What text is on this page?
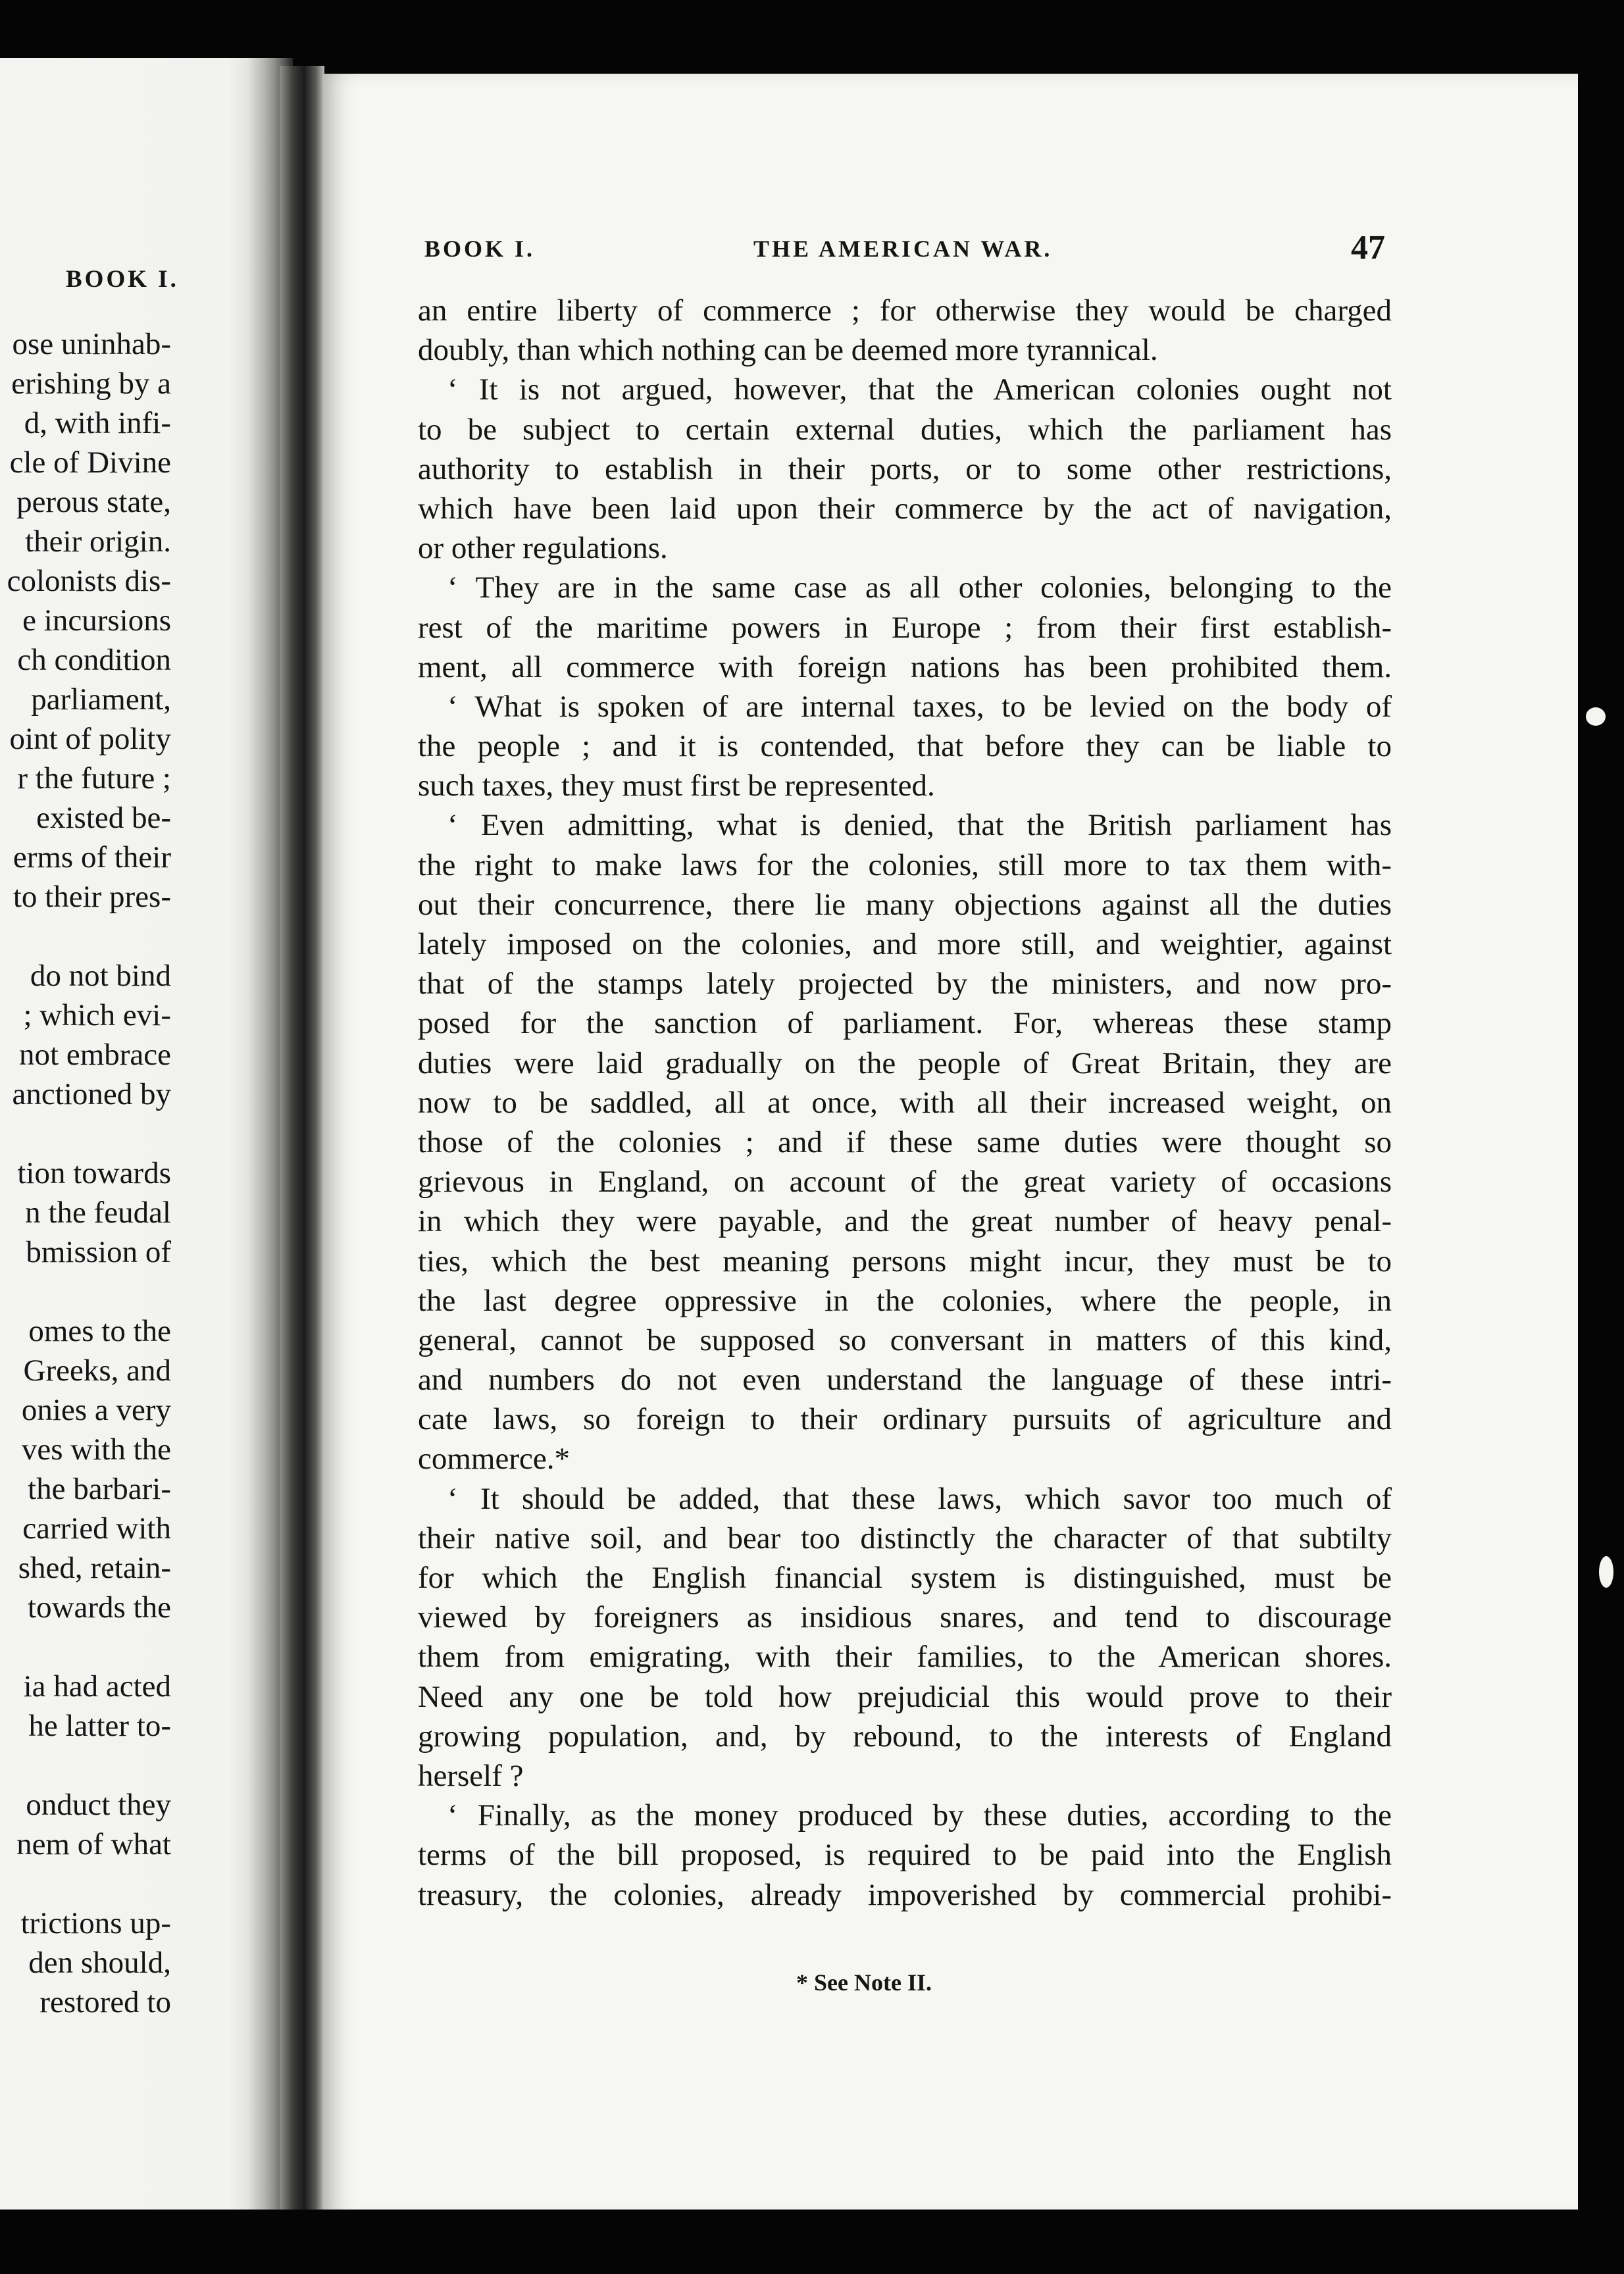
BOOK I.
ose uninhab-
erishing by a
d, with infi-
cle of Divine
perous state,
their origin.
colonists dis-
e incursions
ch condition
parliament,
oint of polity
r the future ;
existed be-
erms of their
to their pres-
do not bind
; which evi-
not embrace
anctioned by
tion towards
n the feudal
bmission of
omes to the
Greeks, and
onies a very
ves with the
the barbari-
carried with
shed, retain-
towards the
ia had acted
he latter to-
onduct they
nem of what
trictions up-
den should,
restored to
BOOK I.	THE AMERICAN WAR.	47
an entire liberty of commerce ; for otherwise they would be charged
doubly, than which nothing can be deemed more tyrannical.
‘ It is not argued, however, that the American colonies ought not
to be subject to certain external duties, which the parliament has
authority to establish in their ports, or to some other restrictions,
which have been laid upon their commerce by the act of navigation,
or other regulations.
‘ They are in the same case as all other colonies, belonging to the
rest of the maritime powers in Europe ; from their first establish-
ment, all commerce with foreign nations has been prohibited them.
‘ What is spoken of are internal taxes, to be levied on the body of
the people ; and it is contended, that before they can be liable to
such taxes, they must first be represented.
‘ Even admitting, what is denied, that the British parliament has
the right to make laws for the colonies, still more to tax them with-
out their concurrence, there lie many objections against all the duties
lately imposed on the colonies, and more still, and weightier, against
that of the stamps lately projected by the ministers, and now pro-
posed for the sanction of parliament. For, whereas these stamp
duties were laid gradually on the people of Great Britain, they are
now to be saddled, all at once, with all their increased weight, on
those of the colonies ; and if these same duties were thought so
grievous in England, on account of the great variety of occasions
in which they were payable, and the great number of heavy penal-
ties, which the best meaning persons might incur, they must be to
the last degree oppressive in the colonies, where the people, in
general, cannot be supposed so conversant in matters of this kind,
and numbers do not even understand the language of these intri-
cate laws, so foreign to their ordinary pursuits of agriculture and
commerce.*
‘ It should be added, that these laws, which savor too much of
their native soil, and bear too distinctly the character of that subtilty
for which the English financial system is distinguished, must be
viewed by foreigners as insidious snares, and tend to discourage
them from emigrating, with their families, to the American shores.
Need any one be told how prejudicial this would prove to their
growing population, and, by rebound, to the interests of England
herself ?
‘ Finally, as the money produced by these duties, according to the
terms of the bill proposed, is required to be paid into the English
treasury, the colonies, already impoverished by commercial prohibi-
* See Note II.
